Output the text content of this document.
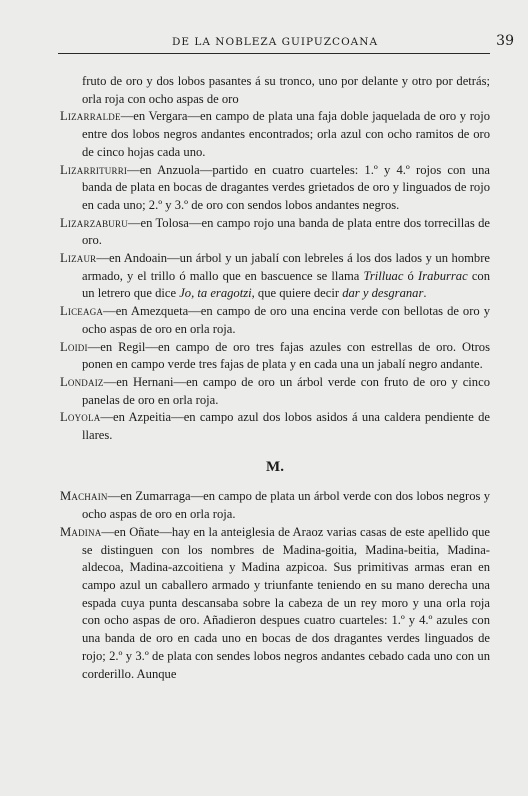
DE LA NOBLEZA GUIPUZCOANA	39

fruto de oro y dos lobos pasantes á su tronco, uno por delante y otro por detrás; orla roja con ocho aspas de oro

Lizarralde—en Vergara—en campo de plata una faja doble jaquelada de oro y rojo entre dos lobos negros andantes encontrados; orla azul con ocho ramitos de oro de cinco hojas cada uno.

Lizarriturri—en Anzuola—partido en cuatro cuarteles: 1.º y 4.º rojos con una banda de plata en bocas de dragantes verdes grietados de oro y linguados de rojo en cada uno; 2.º y 3.º de oro con sendos lobos andantes negros.

Lizarzaburu—en Tolosa—en campo rojo una banda de plata entre dos torrecillas de oro.

Lizaur—en Andoain—un árbol y un jabalí con lebreles á los dos lados y un hombre armado, y el trillo ó mallo que en bascuence se llama Trilluac ó Iraburrac con un letrero que dice Jo, ta eragotzi, que quiere decir dar y desgranar.

Liceaga—en Amezqueta—en campo de oro una encina verde con bellotas de oro y ocho aspas de oro en orla roja.

Loidi—en Regil—en campo de oro tres fajas azules con estrellas de oro. Otros ponen en campo verde tres fajas de plata y en cada una un jabalí negro andante.

Londaiz—en Hernani—en campo de oro un árbol verde con fruto de oro y cinco panelas de oro en orla roja.

Loyola—en Azpeitia—en campo azul dos lobos asidos á una caldera pendiente de llares.

M.

Machain—en Zumarraga—en campo de plata un árbol verde con dos lobos negros y ocho aspas de oro en orla roja.

Madina—en Oñate—hay en la anteiglesia de Araoz varias casas de este apellido que se distinguen con los nombres de Madina-goitia, Madina-beitia, Madina-aldecoa, Madina-azcoitiena y Madina azpicoa. Sus primitivas armas eran en campo azul un caballero armado y triunfante teniendo en su mano derecha una espada cuya punta descansaba sobre la cabeza de un rey moro y una orla roja con ocho aspas de oro. Añadieron despues cuatro cuarteles: 1.º y 4.º azules con una banda de oro en cada uno en bocas de dos dragantes verdes linguados de rojo; 2.º y 3.º de plata con sendes lobos negros andantes cebado cada uno con un corderillo. Aunque
